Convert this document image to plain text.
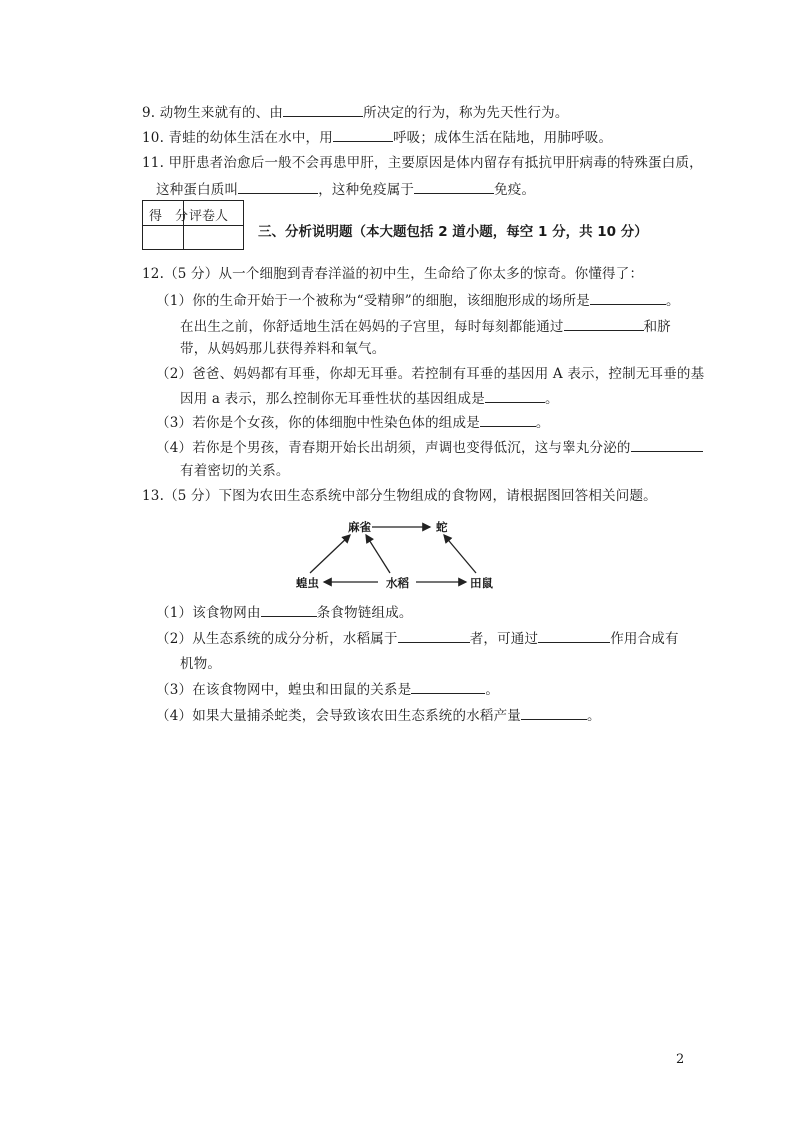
9. 动物生来就有的、由	所决定的行为，称为先天性行为。
10. 青蛙的幼体生活在水中，用	呼吸；成体生活在陆地，用肺呼吸。
11. 甲肝患者治愈后一般不会再患甲肝，主要原因是体内留存有抵抗甲肝病毒的特殊蛋白质，
这种蛋白质叫	，这种免疫属于	免疫。
得　分 评卷人
三、分析说明题（本大题包括 2 道小题，每空 1 分，共 10 分）
12.（5 分）从一个细胞到青春洋溢的初中生，生命给了你太多的惊奇。你懂得了：
（1）你的生命开始于一个被称为“受精卵”的细胞，该细胞形成的场所是	。
在出生之前，你舒适地生活在妈妈的子宫里，每时每刻都能通过	和脐
带，从妈妈那儿获得养料和氧气。
（2）爸爸、妈妈都有耳垂，你却无耳垂。若控制有耳垂的基因用 A 表示，控制无耳垂的基
因用 a 表示，那么控制你无耳垂性状的基因组成是	。
（3）若你是个女孩，你的体细胞中性染色体的组成是	。
（4）若你是个男孩，青春期开始长出胡须，声调也变得低沉，这与睾丸分泌的
有着密切的关系。
13.（5 分）下图为农田生态系统中部分生物组成的食物网，请根据图回答相关问题。
麻雀	蛇
蝗虫	水稻	田鼠
（1）该食物网由	条食物链组成。
（2）从生态系统的成分分析，水稻属于	者，可通过	作用合成有
机物。
（3）在该食物网中，蝗虫和田鼠的关系是	。
（4）如果大量捕杀蛇类，会导致该农田生态系统的水稻产量	。
2
